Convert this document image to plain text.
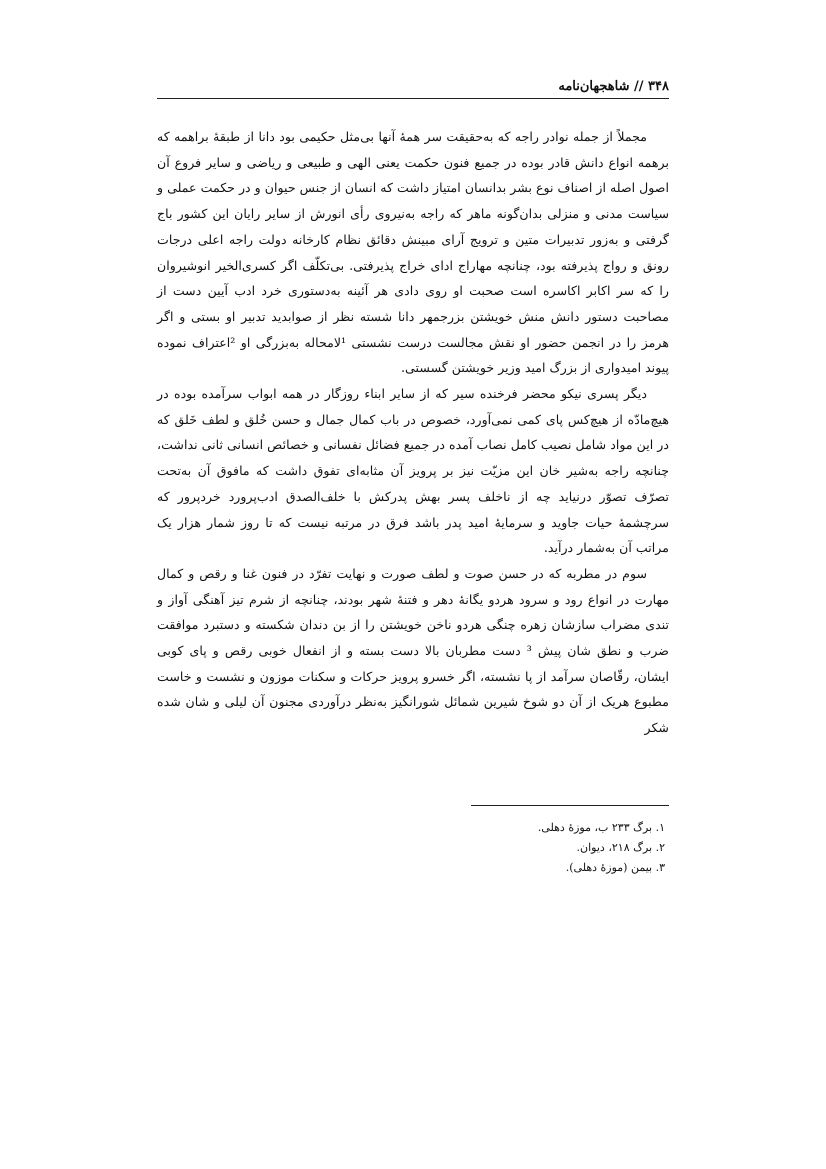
۳۴۸ // شاهجهان‌نامه

مجملاً از جمله نوادر راجه که به‌حقیقت سر همهٔ آنها بی‌مثل حکیمی بود دانا از طبقهٔ براهمه که برهمه انواع دانش قادر بوده در جمیع فنون حکمت یعنی الهی و طبیعی و ریاضی و سایر فروع آن اصول اصله از اصناف نوع بشر بدانسان امتیاز داشت که انسان از جنس حیوان و در حکمت عملی و سیاست مدنی و منزلی بدان‌گونه ماهر که راجه به‌نیروی رأی انورش از سایر رایان این کشور باج گرفتی و به‌زور تدبیرات متین و ترویج آرای مبینش دقائق نظام کارخانه دولت راجه اعلی درجات رونق و رواج پذیرفته بود، چنانچه مهاراج ادای خراج پذیرفتی. بی‌تکلّف اگر کسری‌الخیر انوشیروان را که سر اکابر اکاسره است صحبت او روی دادی هر آئینه به‌دستوری خرد ادب آیین دست از مصاحبت دستور دانش منش خویشتن بزرجمهر دانا شسته نظر از صوابدید تدبیر او بستی و اگر هرمز را در انجمن حضور او نقش مجالست درست نشستی ¹لامحاله به‌بزرگی او ²اعتراف نموده پیوند امیدواری از بزرگ امید وزیر خویشتن گسستی.

دیگر پسری نیکو محضر فرخنده سیر که از سایر ابناء روزگار در همه ابواب سرآمده بوده در هیچ‌مادّه از هیچ‌کس پای کمی نمی‌آورد، خصوص در باب کمال جمال و حسن خُلق و لطف خَلق که در این مواد شامل نصیب کامل نصاب آمده در جمیع فضائل نفسانی و خصائص انسانی ثانی نداشت، چنانچه راجه به‌شیر خان این مزیّت نیز بر پرویز آن مثابه‌ای تفوق داشت که مافوق آن به‌تحت تصرّف تصوّر درنیاید چه از ناخلف پسر بهش پدرکش با خلف‌الصدق ادب‌پرورد خردپرور که سرچشمهٔ حیات جاوید و سرمایهٔ امید پدر باشد فرق در مرتبه نیست که تا روز شمار هزار یک مراتب آن به‌شمار درآید.

سوم در مطربه که در حسن صوت و لطف صورت و نهایت تفرّد در فنون غنا و رقص و کمال مهارت در انواع رود و سرود هردو یگانهٔ دهر و فتنهٔ شهر بودند، چنانچه از شرم تیز آهنگی آواز و تندی مضراب سازشان زهره چنگی هردو ناخن خویشتن را از بن دندان شکسته و دستبرد موافقت ضرب و نطق شان پیش ³ دست مطربان بالا دست بسته و از انفعال خوبی رقص و پای کوبی ایشان، رقّاصان سرآمد از پا نشسته، اگر خسرو پرویز حرکات و سکنات موزون و نشست و خاست مطبوع هریک از آن دو شوخ شیرین شمائل شورانگیز به‌نظر درآوردی مجنون آن لیلی و شان شده شکر

۱. برگ ۲۳۳ ب، موزهٔ دهلی.
۲. برگ ۲۱۸، دیوان.
۳. بیمن (موزهٔ دهلی).
